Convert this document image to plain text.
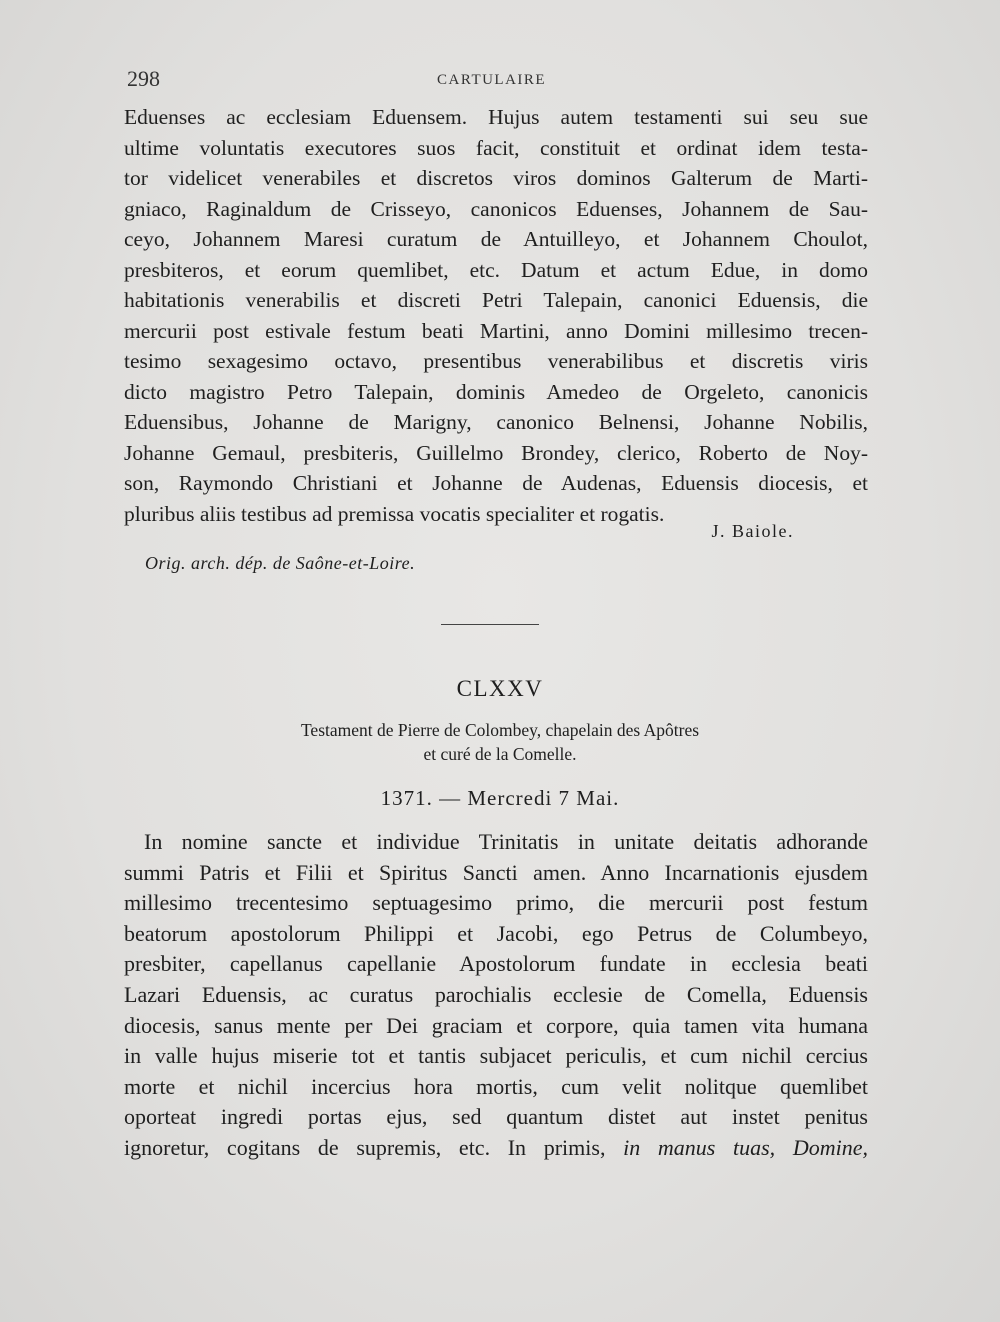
298	CARTULAIRE
Eduenses ac ecclesiam Eduensem. Hujus autem testamenti sui seu sue
ultime voluntatis executores suos facit, constituit et ordinat idem testa-
tor videlicet venerabiles et discretos viros dominos Galterum de Marti-
gniaco, Raginaldum de Crisseyo, canonicos Eduenses, Johannem de Sau-
ceyo, Johannem Maresi curatum de Antuilleyo, et Johannem Choulot,
presbiteros, et eorum quemlibet, etc. Datum et actum Edue, in domo
habitationis venerabilis et discreti Petri Talepain, canonici Eduensis, die
mercurii post estivale festum beati Martini, anno Domini millesimo trecen-
tesimo sexagesimo octavo, presentibus venerabilibus et discretis viris
dicto magistro Petro Talepain, dominis Amedeo de Orgeleto, canonicis
Eduensibus, Johanne de Marigny, canonico Belnensi, Johanne Nobilis,
Johanne Gemaul, presbiteris, Guillelmo Brondey, clerico, Roberto de Noy-
son, Raymondo Christiani et Johanne de Audenas, Eduensis diocesis, et
pluribus aliis testibus ad premissa vocatis specialiter et rogatis.
J. Baiole.
Orig. arch. dép. de Saône-et-Loire.
CLXXV
Testament de Pierre de Colombey, chapelain des Apôtres
et curé de la Comelle.
1371. — Mercredi 7 Mai.
In nomine sancte et individue Trinitatis in unitate deitatis adhorande
summi Patris et Filii et Spiritus Sancti amen. Anno Incarnationis ejusdem
millesimo trecentesimo septuagesimo primo, die mercurii post festum
beatorum apostolorum Philippi et Jacobi, ego Petrus de Columbeyo,
presbiter, capellanus capellanie Apostolorum fundate in ecclesia beati
Lazari Eduensis, ac curatus parochialis ecclesie de Comella, Eduensis
diocesis, sanus mente per Dei graciam et corpore, quia tamen vita humana
in valle hujus miserie tot et tantis subjacet periculis, et cum nichil cercius
morte et nichil incercius hora mortis, cum velit nolitque quemlibet
oporteat ingredi portas ejus, sed quantum distet aut instet penitus
ignoretur, cogitans de supremis, etc. In primis, in manus tuas, Domine,
